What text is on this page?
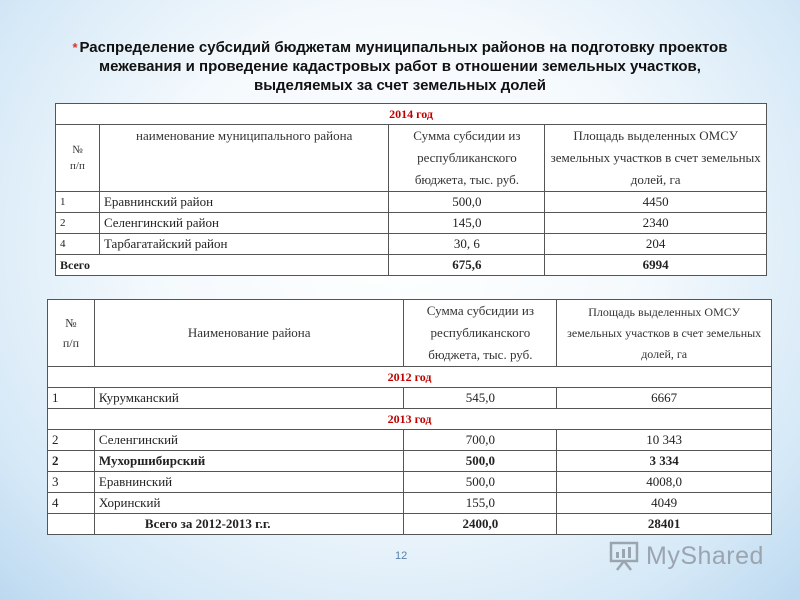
* Распределение субсидий бюджетам муниципальных районов на подготовку проектов
межевания и проведение кадастровых работ в отношении земельных участков,
выделяемых за счет земельных долей
2014 год			
№
п/п	наименование муниципального района	Сумма субсидии из республиканского бюджета, тыс. руб.	Площадь выделенных ОМСУ земельных участков в счет земельных долей, га
1	Еравнинский район	500,0	4450
2	Селенгинский район	145,0	2340
4	Тарбагатайский район	30, 6	204
Всего		675,6	6994
№
п/п	Наименование района	Сумма субсидии из республиканского бюджета, тыс. руб.	Площадь выделенных ОМСУ земельных участков в счет земельных долей, га
2012 год			
1	Курумканский	545,0	6667
2013 год			
2	Селенгинский	700,0	10 343
2	Мухоршибирский	500,0	3 334
3	Еравнинский	500,0	4008,0
4	Хоринский	155,0	4049
	Всего за 2012-2013 г.г.	2400,0	28401
12	MyShared
